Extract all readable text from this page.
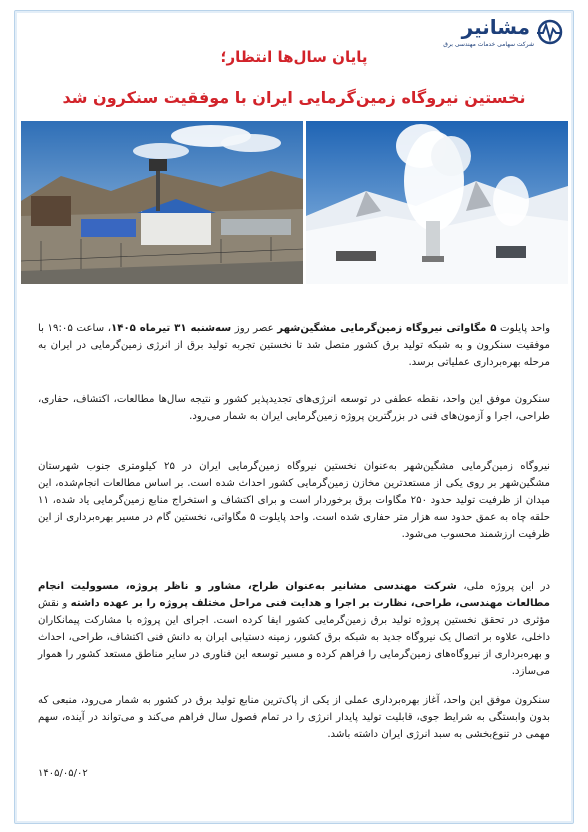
مشانیر
شرکت سهامی خدمات مهندسی برق
پایان سال‌ها انتظار؛
نخستین نیروگاه زمین‌گرمایی ایران با موفقیت سنکرون شد

واحد پایلوت ۵ مگاواتی نیروگاه زمین‌گرمایی مشگین‌شهر عصر روز سه‌شنبه ۳۱ تیرماه ۱۴۰۵، ساعت ۱۹:۰۵ با موفقیت سنکرون و به شبکه تولید برق کشور متصل شد تا نخستین تجربه تولید برق از انرژی زمین‌گرمایی در ایران به مرحله بهره‌برداری عملیاتی برسد.

سنکرون موفق این واحد، نقطه عطفی در توسعه انرژی‌های تجدیدپذیر کشور و نتیجه سال‌ها مطالعات، اکتشاف، حفاری، طراحی، اجرا و آزمون‌های فنی در بزرگترین پروژه زمین‌گرمایی ایران به شمار می‌رود.

نیروگاه زمین‌گرمایی مشگین‌شهر به‌عنوان نخستین نیروگاه زمین‌گرمایی ایران در ۲۵ کیلومتری جنوب شهرستان مشگین‌شهر بر روی یکی از مستعدترین مخازن زمین‌گرمایی کشور احداث شده است. بر اساس مطالعات انجام‌شده، این میدان از ظرفیت تولید حدود ۲۵۰ مگاوات برق برخوردار است و برای اکتشاف و استخراج منابع زمین‌گرمایی یاد شده، ۱۱ حلقه چاه به عمق حدود سه هزار متر حفاری شده است. واحد پایلوت ۵ مگاواتی، نخستین گام در مسیر بهره‌برداری از این ظرفیت ارزشمند محسوب می‌شود.

در این پروژه ملی، شرکت مهندسی مشانیر به‌عنوان طراح، مشاور و ناظر پروژه، مسوولیت انجام مطالعات مهندسی، طراحی، نظارت بر اجرا و هدایت فنی مراحل مختلف پروژه را بر عهده داشته و نقش مؤثری در تحقق نخستین پروژه تولید برق زمین‌گرمایی کشور ایفا کرده است. اجرای این پروژه با مشارکت پیمانکاران داخلی، علاوه بر اتصال یک نیروگاه جدید به شبکه برق کشور، زمینه دستیابی ایران به دانش فنی اکتشاف، طراحی، احداث و بهره‌برداری از نیروگاه‌های زمین‌گرمایی را فراهم کرده و مسیر توسعه این فناوری در سایر مناطق مستعد کشور را هموار می‌سازد.

سنکرون موفق این واحد، آغاز بهره‌برداری عملی از یکی از پاک‌ترین منابع تولید برق در کشور به شمار می‌رود، منبعی که بدون وابستگی به شرایط جوی، قابلیت تولید پایدار انرژی را در تمام فصول سال فراهم می‌کند و می‌تواند در آینده، سهم مهمی در تنوع‌بخشی به سبد انرژی ایران داشته باشد.

۱۴۰۵/۰۵/۰۲
